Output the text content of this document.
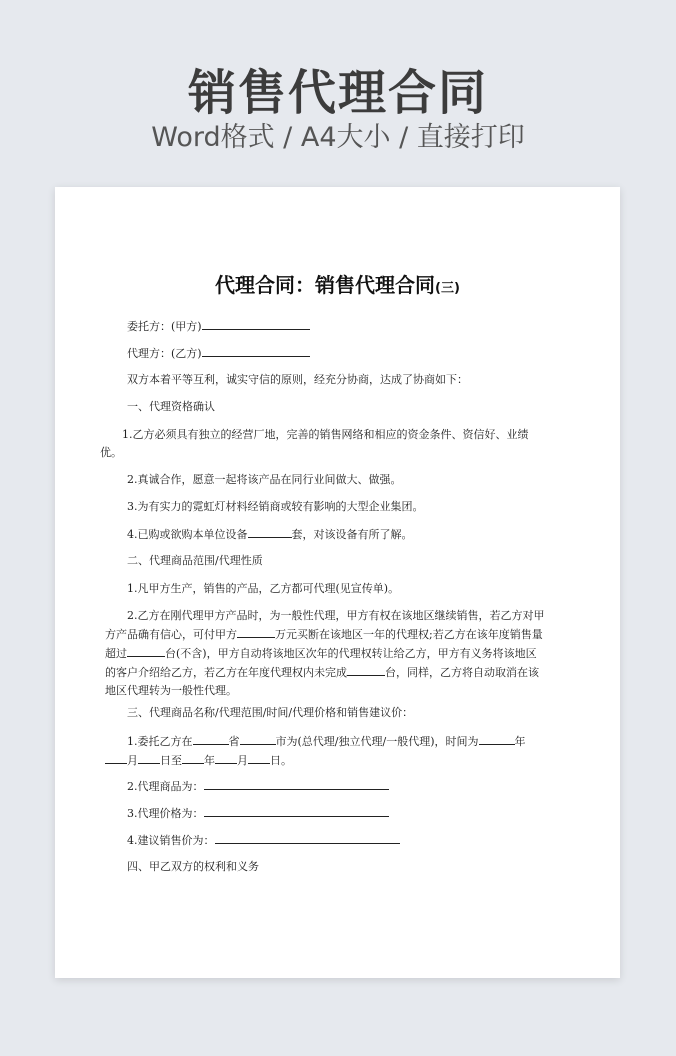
销售代理合同
Word格式 / A4大小 / 直接打印
代理合同：销售代理合同(三)

委托方：(甲方)

代理方：(乙方)

双方本着平等互利，诚实守信的原则，经充分协商，达成了协商如下：

一、代理资格确认

1.乙方必须具有独立的经营厂地，完善的销售网络和相应的资金条件、资信好、业绩优。

2.真诚合作，愿意一起将该产品在同行业间做大、做强。

3.为有实力的霓虹灯材料经销商或较有影响的大型企业集团。

4.已购或欲购本单位设备	套，对该设备有所了解。

二、代理商品范围/代理性质

1.凡甲方生产，销售的产品，乙方都可代理(见宣传单)。

2.乙方在刚代理甲方产品时，为一般性代理，甲方有权在该地区继续销售，若乙方对甲方产品确有信心，可付甲方	万元买断在该地区一年的代理权;若乙方在该年度销售量超过	台(不含)，甲方自动将该地区次年的代理权转让给乙方，甲方有义务将该地区的客户介绍给乙方，若乙方在年度代理权内未完成	台，同样，乙方将自动取消在该地区代理转为一般性代理。

三、代理商品名称/代理范围/时间/代理价格和销售建议价：

1.委托乙方在	省	市为(总代理/独立代理/一般代理)，时间为	年 月 日至 年 月 日。

2.代理商品为：

3.代理价格为：

4.建议销售价为：

四、甲乙双方的权利和义务
